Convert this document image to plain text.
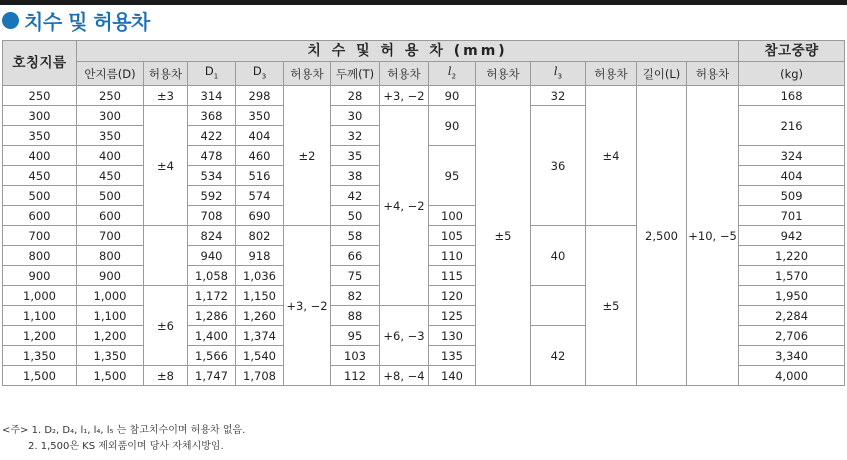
치수 및 허용차
호칭지름	치 수 및 허 용 차 (mm)													참고중량
	안지름(D)	허용차	$D_1$	$D_3$	허용차	두께(T)	허용차	$l_2$	허용차	$l_3$	허용차	길이(L)	허용차	(kg)
250	250	±3	314	298	±2	28	+3, −2	90	±5	32	±4	2,500	+10, −5	168
300	300	±4	368	350		30	+4, −2	90		36				216
350	350		422	404		32								
400	400		478	460		35		95						324
450	450		534	516		38								404
500	500		592	574		42								509
600	600		708	690		50		100						701
700	700		824	802	+3, −2	58		105		40	±5			942
800	800		940	918		66		110						1,220
900	900		1,058	1,036		75		115						1,570
1,000	1,000	±6	1,172	1,150		82		120						1,950
1,100	1,100		1,286	1,260		88	+6, −3	125						2,284
1,200	1,200		1,400	1,374		95		130		42				2,706
1,350	1,350		1,566	1,540		103		135						3,340
1,500	1,500	±8	1,747	1,708		112	+8, −4	140						4,000
<주> 1. D₂, D₄, l₁, l₄, l₅ 는 참고치수이며 허용차 없음.
2. 1,500은 KS 제외품이며 당사 자체시방임.
